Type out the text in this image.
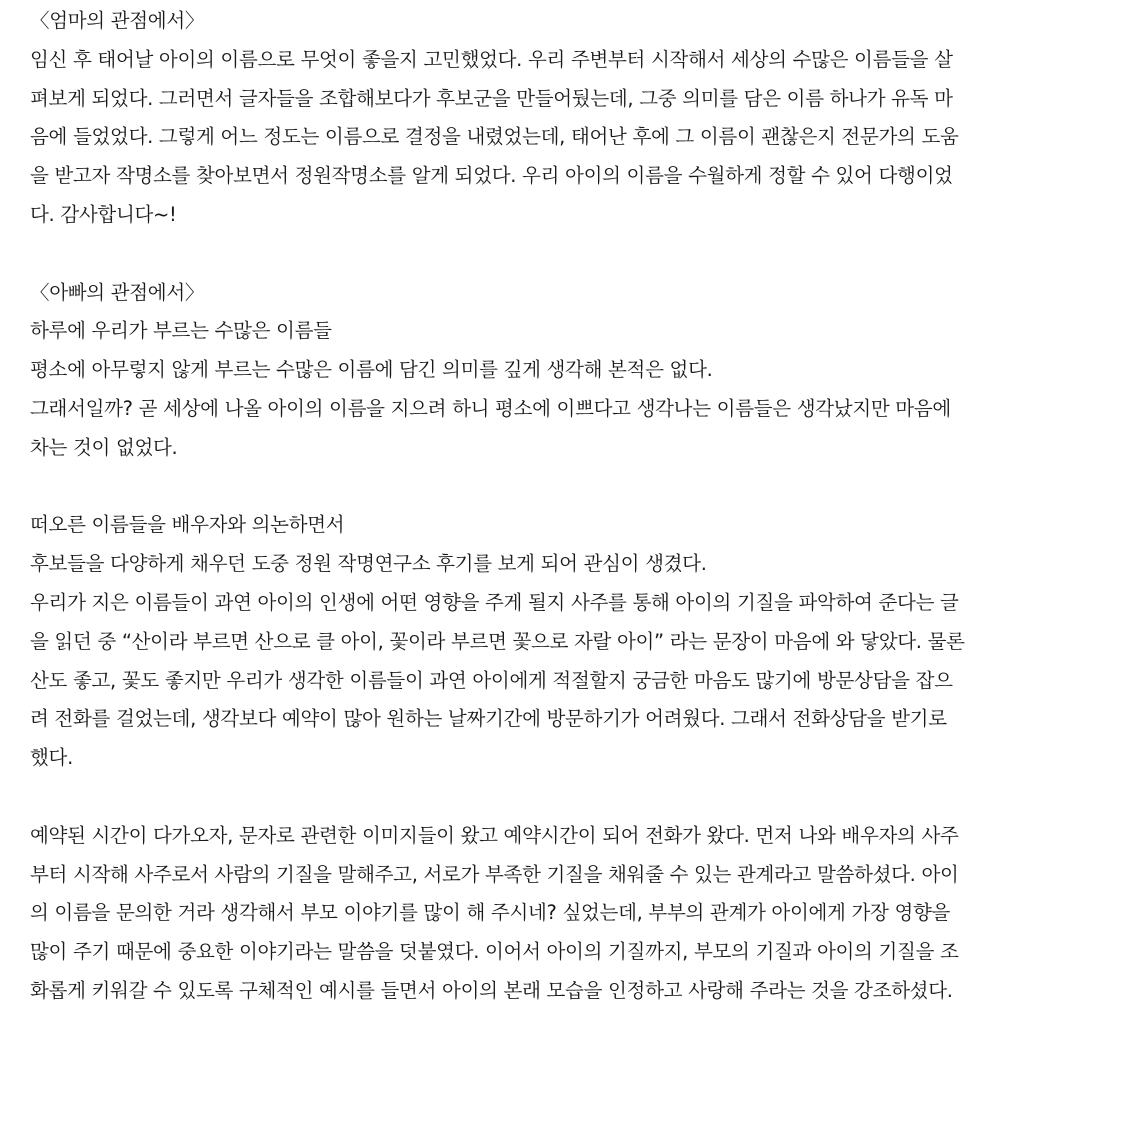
〈엄마의 관점에서〉
임신 후 태어날 아이의 이름으로 무엇이 좋을지 고민했었다. 우리 주변부터 시작해서 세상의 수많은 이름들을 살
펴보게 되었다. 그러면서 글자들을 조합해보다가 후보군을 만들어뒀는데, 그중 의미를 담은 이름 하나가 유독 마
음에 들었었다. 그렇게 어느 정도는 이름으로 결정을 내렸었는데, 태어난 후에 그 이름이 괜찮은지 전문가의 도움
을 받고자 작명소를 찾아보면서 정원작명소를 알게 되었다. 우리 아이의 이름을 수월하게 정할 수 있어 다행이었
다. 감사합니다~!
〈아빠의 관점에서〉
하루에 우리가 부르는 수많은 이름들
평소에 아무렇지 않게 부르는 수많은 이름에 담긴 의미를 깊게 생각해 본적은 없다.
그래서일까? 곧 세상에 나올 아이의 이름을 지으려 하니 평소에 이쁘다고 생각나는 이름들은 생각났지만 마음에
차는 것이 없었다.
떠오른 이름들을 배우자와 의논하면서
후보들을 다양하게 채우던 도중 정원 작명연구소 후기를 보게 되어 관심이 생겼다.
우리가 지은 이름들이 과연 아이의 인생에 어떤 영향을 주게 될지 사주를 통해 아이의 기질을 파악하여 준다는 글
을 읽던 중 “산이라 부르면 산으로 클 아이, 꽃이라 부르면 꽃으로 자랄 아이” 라는 문장이 마음에 와 닿았다. 물론
산도 좋고, 꽃도 좋지만 우리가 생각한 이름들이 과연 아이에게 적절할지 궁금한 마음도 많기에 방문상담을 잡으
려 전화를 걸었는데, 생각보다 예약이 많아 원하는 날짜기간에 방문하기가 어려웠다. 그래서 전화상담을 받기로
했다.
예약된 시간이 다가오자, 문자로 관련한 이미지들이 왔고 예약시간이 되어 전화가 왔다. 먼저 나와 배우자의 사주
부터 시작해 사주로서 사람의 기질을 말해주고, 서로가 부족한 기질을 채워줄 수 있는 관계라고 말씀하셨다. 아이
의 이름을 문의한 거라 생각해서 부모 이야기를 많이 해 주시네? 싶었는데, 부부의 관계가 아이에게 가장 영향을
많이 주기 때문에 중요한 이야기라는 말씀을 덧붙였다. 이어서 아이의 기질까지, 부모의 기질과 아이의 기질을 조
화롭게 키워갈 수 있도록 구체적인 예시를 들면서 아이의 본래 모습을 인정하고 사랑해 주라는 것을 강조하셨다.
